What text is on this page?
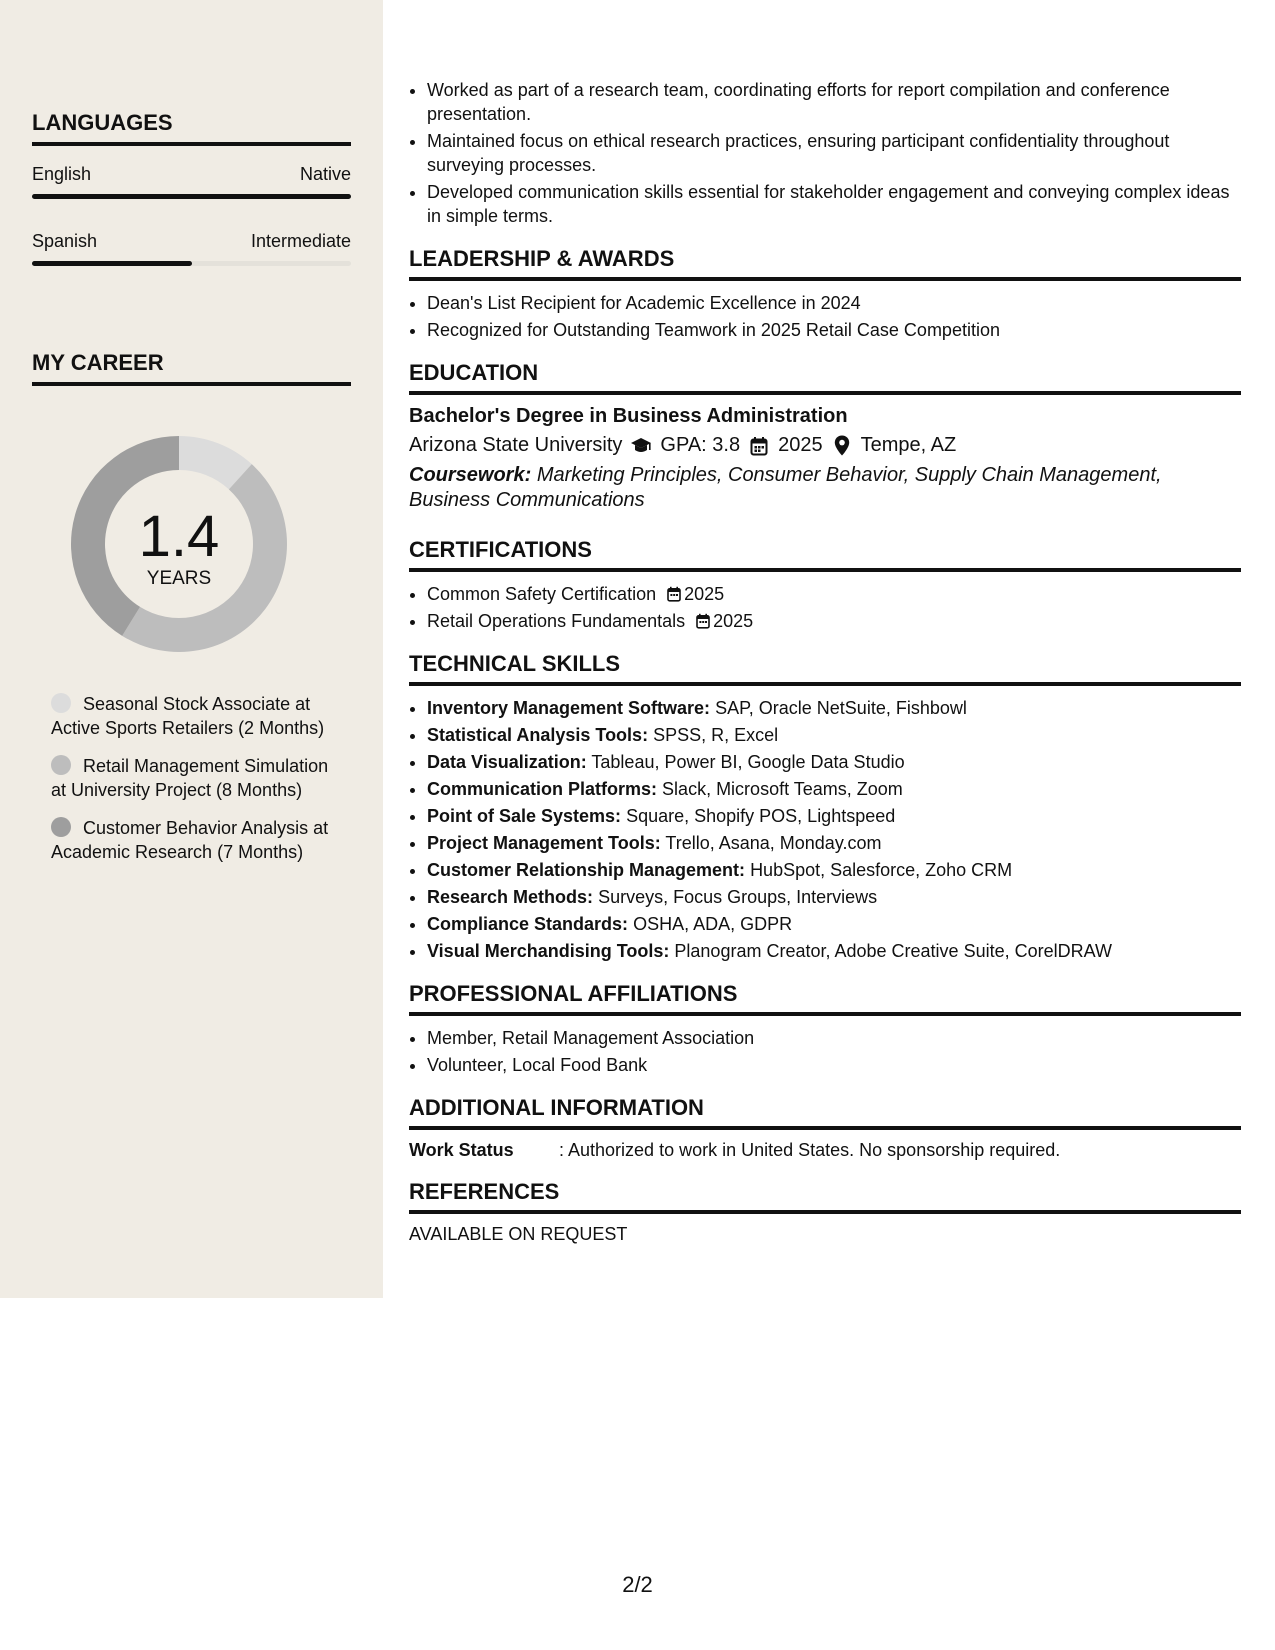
LANGUAGES
English	Native
Spanish	Intermediate
MY CAREER
1.4
YEARS
Seasonal Stock Associate at Active Sports Retailers (2 Months)
Retail Management Simulation at University Project (8 Months)
Customer Behavior Analysis at Academic Research (7 Months)
• Worked as part of a research team, coordinating efforts for report compilation and conference presentation.
• Maintained focus on ethical research practices, ensuring participant confidentiality throughout surveying processes.
• Developed communication skills essential for stakeholder engagement and conveying complex ideas in simple terms.
LEADERSHIP & AWARDS
• Dean's List Recipient for Academic Excellence in 2024
• Recognized for Outstanding Teamwork in 2025 Retail Case Competition
EDUCATION
Bachelor's Degree in Business Administration
Arizona State University GPA: 3.8 2025 Tempe, AZ
Coursework: Marketing Principles, Consumer Behavior, Supply Chain Management, Business Communications
CERTIFICATIONS
• Common Safety Certification 2025
• Retail Operations Fundamentals 2025
TECHNICAL SKILLS
• Inventory Management Software: SAP, Oracle NetSuite, Fishbowl
• Statistical Analysis Tools: SPSS, R, Excel
• Data Visualization: Tableau, Power BI, Google Data Studio
• Communication Platforms: Slack, Microsoft Teams, Zoom
• Point of Sale Systems: Square, Shopify POS, Lightspeed
• Project Management Tools: Trello, Asana, Monday.com
• Customer Relationship Management: HubSpot, Salesforce, Zoho CRM
• Research Methods: Surveys, Focus Groups, Interviews
• Compliance Standards: OSHA, ADA, GDPR
• Visual Merchandising Tools: Planogram Creator, Adobe Creative Suite, CorelDRAW
PROFESSIONAL AFFILIATIONS
• Member, Retail Management Association
• Volunteer, Local Food Bank
ADDITIONAL INFORMATION
Work Status	: Authorized to work in United States. No sponsorship required.
REFERENCES
AVAILABLE ON REQUEST
2/2
